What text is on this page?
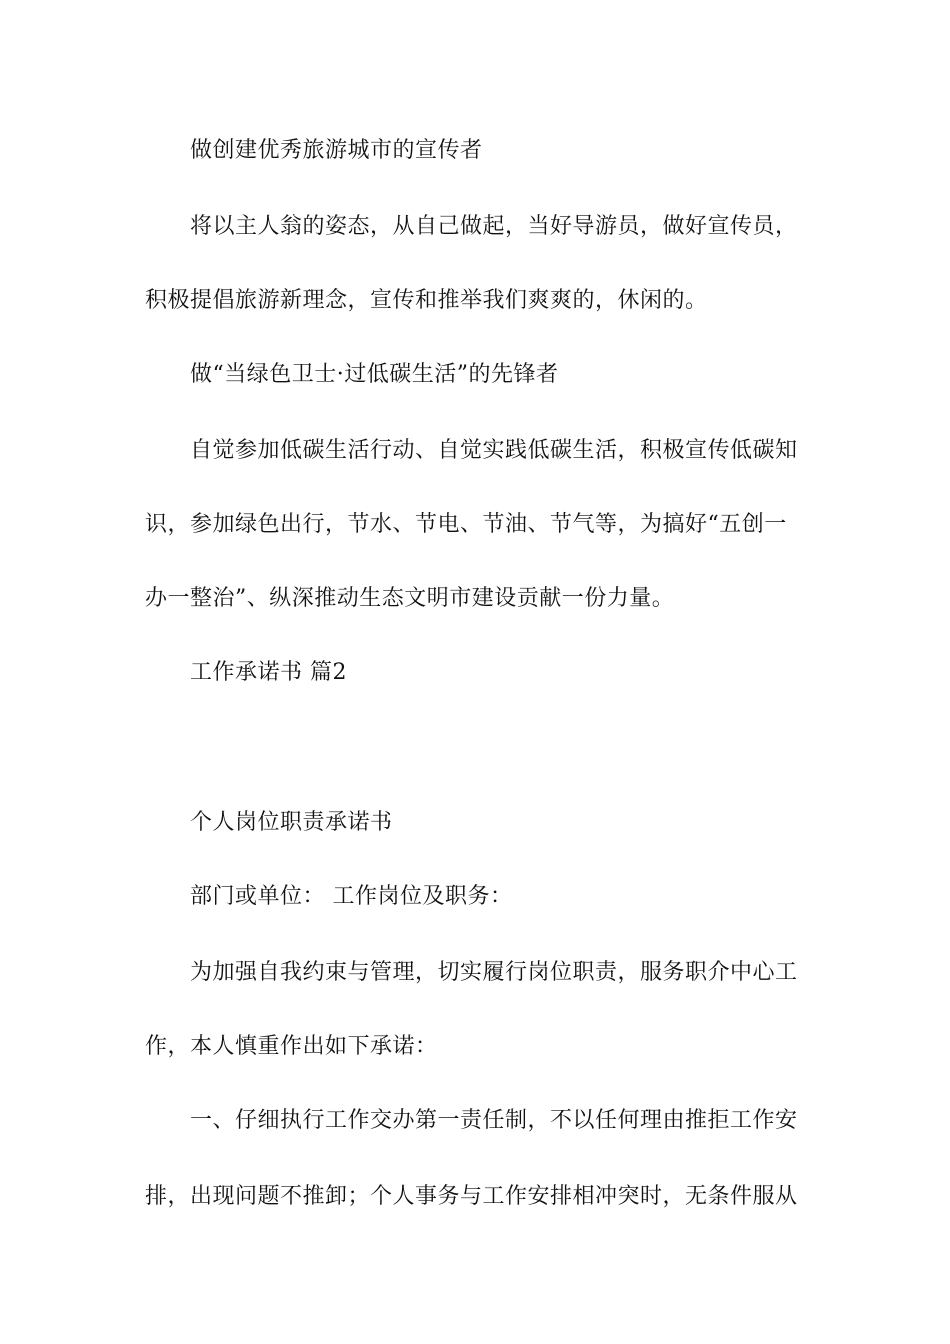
做创建优秀旅游城市的宣传者
将以主人翁的姿态，从自己做起，当好导游员，做好宣传员，
积极提倡旅游新理念，宣传和推举我们爽爽的，休闲的。
做“当绿色卫士·过低碳生活”的先锋者
自觉参加低碳生活行动、自觉实践低碳生活，积极宣传低碳知
识，参加绿色出行，节水、节电、节油、节气等，为搞好“五创一
办一整治”、纵深推动生态文明市建设贡献一份力量。
工作承诺书 篇2
个人岗位职责承诺书
部门或单位： 工作岗位及职务：
为加强自我约束与管理，切实履行岗位职责，服务职介中心工
作，本人慎重作出如下承诺：
一、仔细执行工作交办第一责任制，不以任何理由推拒工作安
排，出现问题不推卸；个人事务与工作安排相冲突时，无条件服从
